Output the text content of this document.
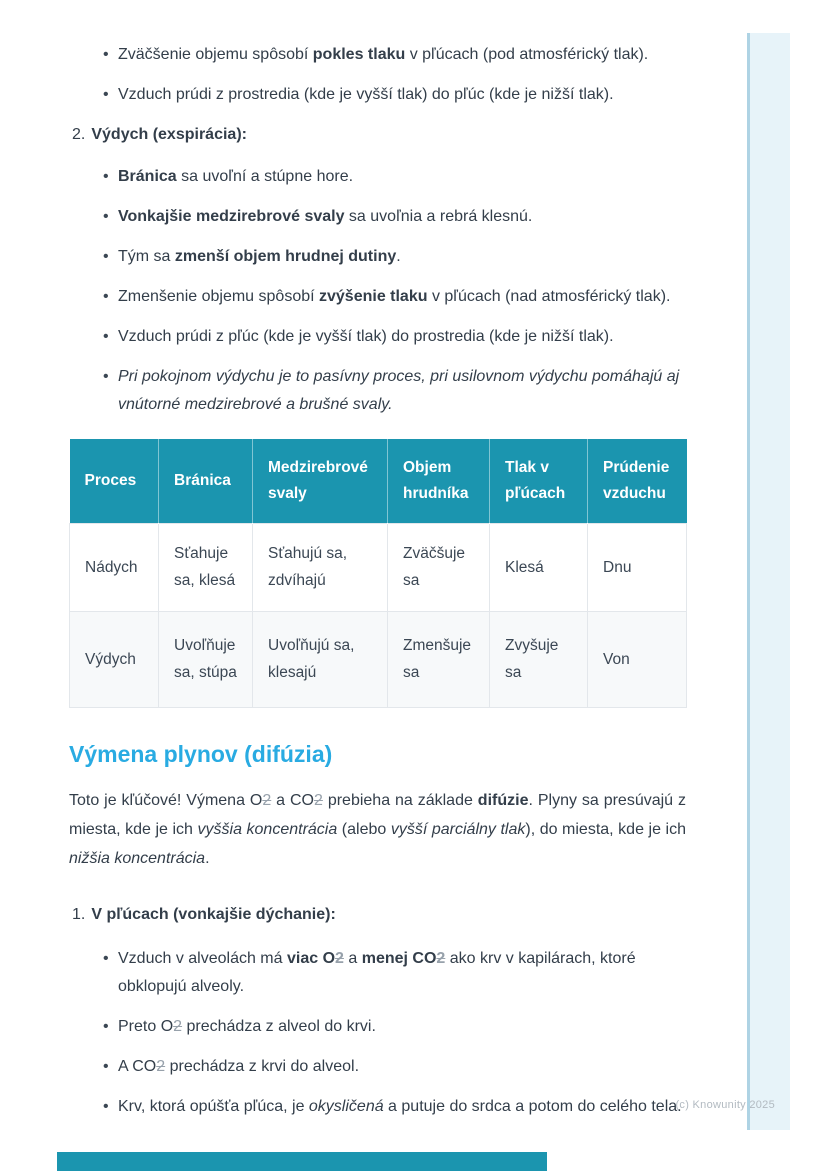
• Zväčšenie objemu spôsobí pokles tlaku v pľúcach (pod atmosférický tlak).
• Vzduch prúdi z prostredia (kde je vyšší tlak) do pľúc (kde je nižší tlak).
2. Výdych (exspirácia):
• Bránica sa uvoľní a stúpne hore.
• Vonkajšie medzirebrové svaly sa uvoľnia a rebrá klesnú.
• Tým sa zmenší objem hrudnej dutiny.
• Zmenšenie objemu spôsobí zvýšenie tlaku v pľúcach (nad atmosférický tlak).
• Vzduch prúdi z pľúc (kde je vyšší tlak) do prostredia (kde je nižší tlak).
• Pri pokojnom výdychu je to pasívny proces, pri usilovnom výdychu pomáhajú aj vnútorné medzirebrové a brušné svaly.
Proces	Bránica	Medzirebrové svaly	Objem hrudníka	Tlak v pľúcach	Prúdenie vzduchu
Nádych	Sťahuje sa, klesá	Sťahujú sa, zdvíhajú	Zväčšuje sa	Klesá	Dnu
Výdych	Uvoľňuje sa, stúpa	Uvoľňujú sa, klesajú	Zmenšuje sa	Zvyšuje sa	Von
Výmena plynov (difúzia)

Toto je kľúčové! Výmena O2 a CO2 prebieha na základe difúzie. Plyny sa presúvajú z miesta, kde je ich vyššia koncentrácia (alebo vyšší parciálny tlak), do miesta, kde je ich nižšia koncentrácia.

1. V pľúcach (vonkajšie dýchanie):
• Vzduch v alveolách má viac O2 a menej CO2 ako krv v kapilárach, ktoré obklopujú alveoly.
• Preto O2 prechádza z alveol do krvi.
• A CO2 prechádza z krvi do alveol.
• Krv, ktorá opúšťa pľúca, je okysličená a putuje do srdca a potom do celého tela.
(c) Knowunity 2025
